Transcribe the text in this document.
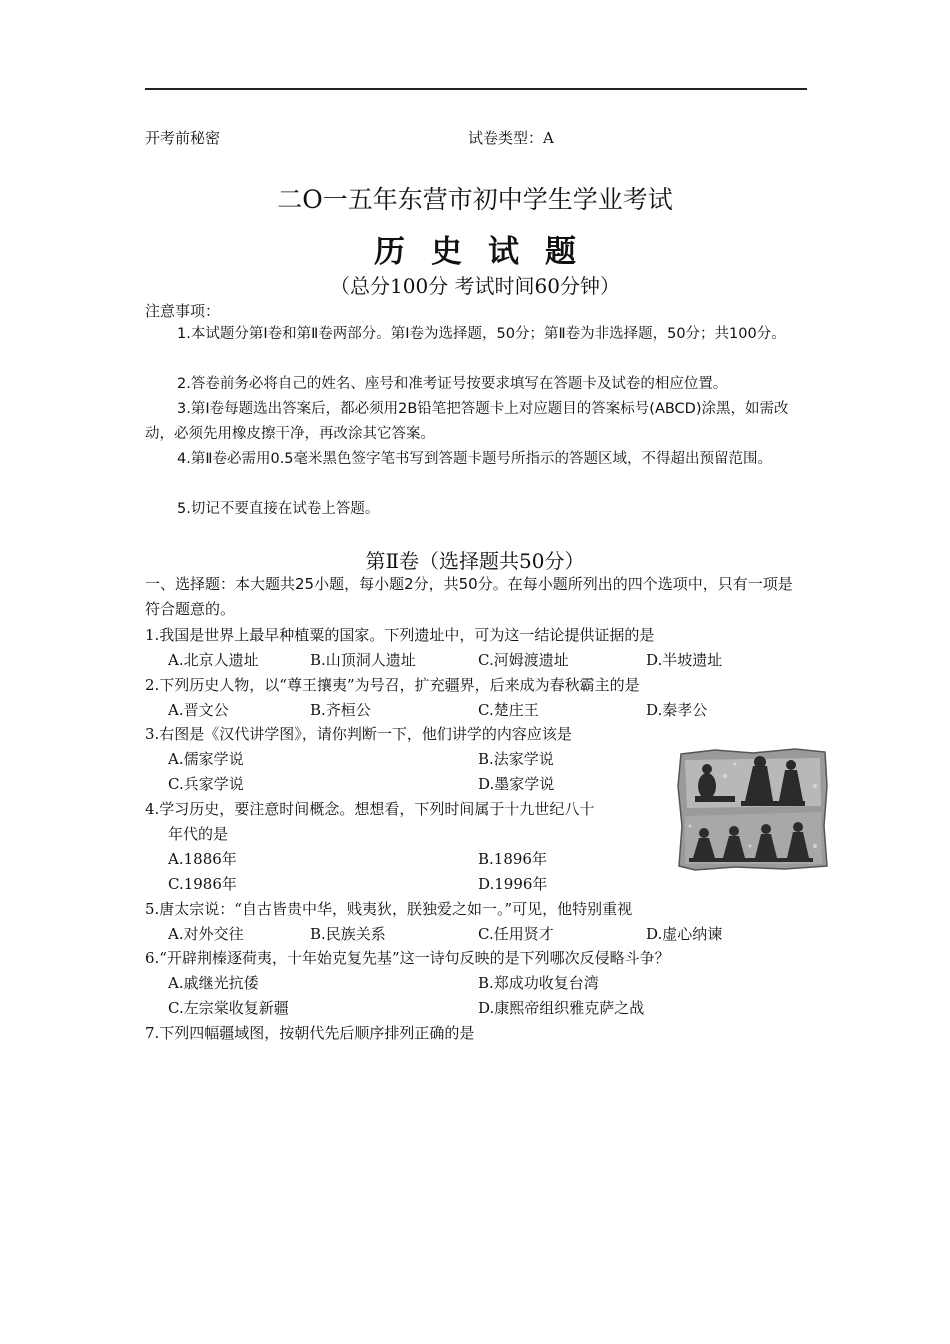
开考前秘密	试卷类型：A
二O一五年东营市初中学生学业考试
历史试题
（总分100分 考试时间60分钟）
注意事项：
1.本试题分第Ⅰ卷和第Ⅱ卷两部分。第Ⅰ卷为选择题，50分；第Ⅱ卷为非选择题，50分；共100分。
2.答卷前务必将自己的姓名、座号和准考证号按要求填写在答题卡及试卷的相应位置。
3.第Ⅰ卷每题选出答案后，都必须用2B铅笔把答题卡上对应题目的答案标号(ABCD)涂黑，如需改动，必须先用橡皮擦干净，再改涂其它答案。
4.第Ⅱ卷必需用0.5毫米黑色签字笔书写到答题卡题号所指示的答题区域，不得超出预留范围。
5.切记不要直接在试卷上答题。
第Ⅱ卷（选择题共50分）
一、选择题：本大题共25小题，每小题2分，共50分。在每小题所列出的四个选项中，只有一项是符合题意的。
1.我国是世界上最早种植粟的国家。下列遗址中，可为这一结论提供证据的是
A.北京人遗址	B.山顶洞人遗址	C.河姆渡遗址	D.半坡遗址
2.下列历史人物，以“尊王攘夷”为号召，扩充疆界，后来成为春秋霸主的是
A.晋文公	B.齐桓公	C.楚庄王	D.秦孝公
3.右图是《汉代讲学图》，请你判断一下，他们讲学的内容应该是
A.儒家学说	B.法家学说
C.兵家学说	D.墨家学说
4.学习历史，要注意时间概念。想想看，下列时间属于十九世纪八十
年代的是
A.1886年	B.1896年
C.1986年	D.1996年
5.唐太宗说：“自古皆贵中华，贱夷狄，朕独爱之如一。”可见，他特别重视
A.对外交往	B.民族关系	C.任用贤才	D.虚心纳谏
6.“开辟荆榛逐荷夷，十年始克复先基”这一诗句反映的是下列哪次反侵略斗争？
A.戚继光抗倭	B.郑成功收复台湾
C.左宗棠收复新疆	D.康熙帝组织雅克萨之战
7.下列四幅疆域图，按朝代先后顺序排列正确的是
